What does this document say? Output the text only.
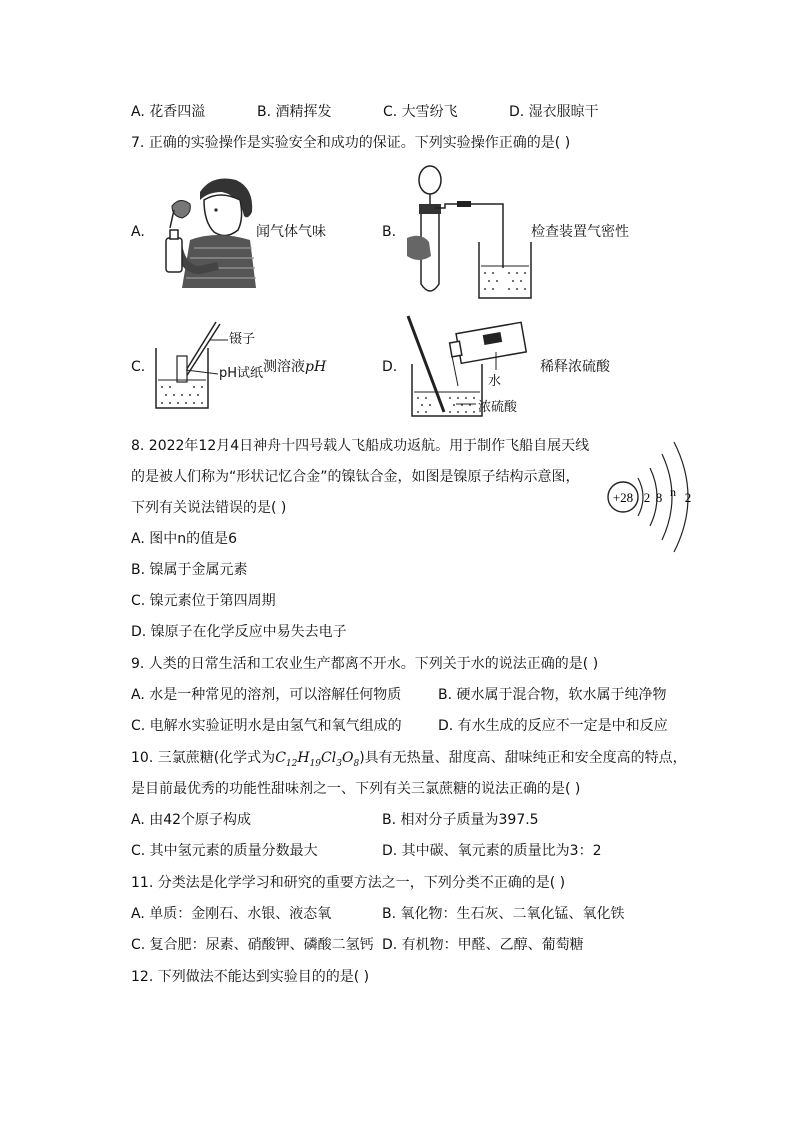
A. 花香四溢	B. 酒精挥发	C. 大雪纷飞	D. 湿衣服晾干
7. 正确的实验操作是实验安全和成功的保证。下列实验操作正确的是( )
A.	闻气体气味	B.	检查装置气密性
C.
镊子
pH试纸 测溶液pH	D.
水
浓硫酸
稀释浓硫酸
8. 2022年12月4日神舟十四号载人飞船成功返航。用于制作飞船自展天线
的是被人们称为“形状记忆合金”的镍钛合金，如图是镍原子结构示意图，
下列有关说法错误的是( )
+28 2 8 n 2
A. 图中n的值是6
B. 镍属于金属元素
C. 镍元素位于第四周期
D. 镍原子在化学反应中易失去电子
9. 人类的日常生活和工农业生产都离不开水。下列关于水的说法正确的是( )
A. 水是一种常见的溶剂，可以溶解任何物质	B. 硬水属于混合物，软水属于纯净物
C. 电解水实验证明水是由氢气和氧气组成的	D. 有水生成的反应不一定是中和反应
10. 三氯蔗糖(化学式为$C_{12}H_{19}Cl_3O_8$)具有无热量、甜度高、甜味纯正和安全度高的特点，
是目前最优秀的功能性甜味剂之一、下列有关三氯蔗糖的说法正确的是( )
A. 由42个原子构成	B. 相对分子质量为397.5
C. 其中氢元素的质量分数最大	D. 其中碳、氧元素的质量比为3：2
11. 分类法是化学学习和研究的重要方法之一，下列分类不正确的是( )
A. 单质：金刚石、水银、液态氧	B. 氧化物：生石灰、二氧化锰、氧化铁
C. 复合肥：尿素、硝酸钾、磷酸二氢钙 D. 有机物：甲醛、乙醇、葡萄糖
12. 下列做法不能达到实验目的的是( )
